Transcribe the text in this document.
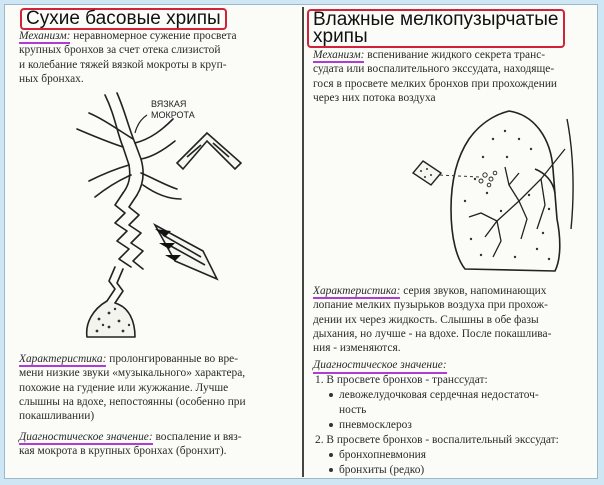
Сухие басовые хрипы
Механизм: неравномерное сужение просвета
крупных бронхов за счет отека слизистой
и колебание тяжей вязкой мокроты в круп-
ных бронхах.
ВЯЗКАЯ
МОКРОТА
Характеристика: пролонгированные во вре-
мени низкие звуки «музыкального» характера,
похожие на гудение или жужжание. Лучше
слышны на вдохе, непостоянны (особенно при
покашливании)
Диагностическое значение: воспаление и вяз-
кая мокрота в крупных бронхах (бронхит).
Влажные мелкопузырчатые
хрипы
Механизм: вспенивание жидкого секрета транс-
судата или воспалительного экссудата, находяще-
гося в просвете мелких бронхов при прохождении
через них потока воздуха
Характеристика: серия звуков, напоминающих
лопание мелких пузырьков воздуха при прохож-
дении их через жидкость. Слышны в обе фазы
дыхания, но лучше - на вдохе. После покашлива-
ния - изменяются.
Диагностическое значение:
1. В просвете бронхов - транссудат:
левожелудочковая сердечная недостаточ-
ность
пневмосклероз
2. В просвете бронхов - воспалительный экссудат:
бронхопневмония
бронхиты (редко)
